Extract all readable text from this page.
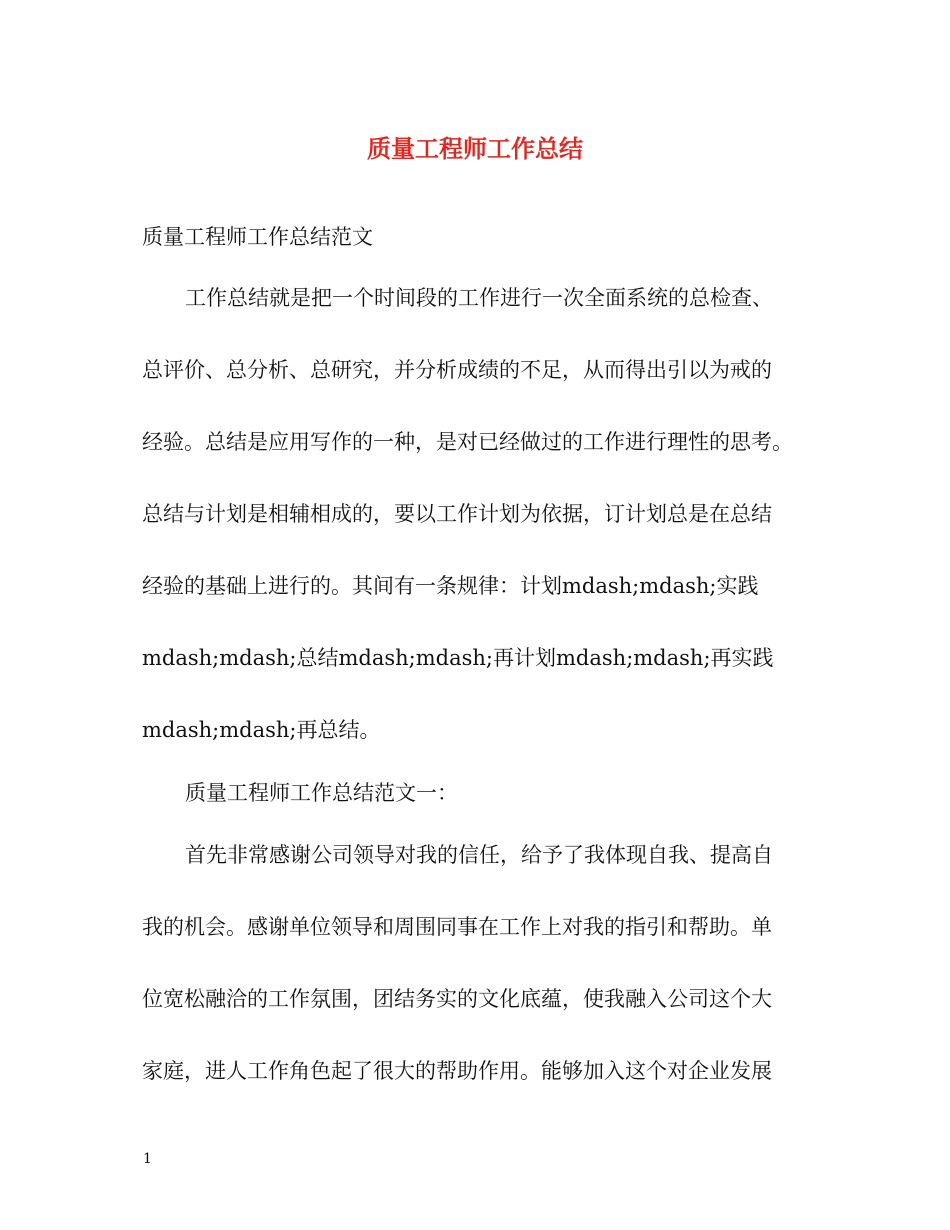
质量工程师工作总结
质量工程师工作总结范文
工作总结就是把一个时间段的工作进行一次全面系统的总检查、
总评价、总分析、总研究，并分析成绩的不足，从而得出引以为戒的
经验。总结是应用写作的一种，是对已经做过的工作进行理性的思考。
总结与计划是相辅相成的，要以工作计划为依据，订计划总是在总结
经验的基础上进行的。其间有一条规律：计划mdash;mdash;实践
mdash;mdash;总结mdash;mdash;再计划mdash;mdash;再实践
mdash;mdash;再总结。
质量工程师工作总结范文一：
首先非常感谢公司领导对我的信任，给予了我体现自我、提高自
我的机会。感谢单位领导和周围同事在工作上对我的指引和帮助。单
位宽松融洽的工作氛围，团结务实的文化底蕴，使我融入公司这个大
家庭，进人工作角色起了很大的帮助作用。能够加入这个对企业发展
1
